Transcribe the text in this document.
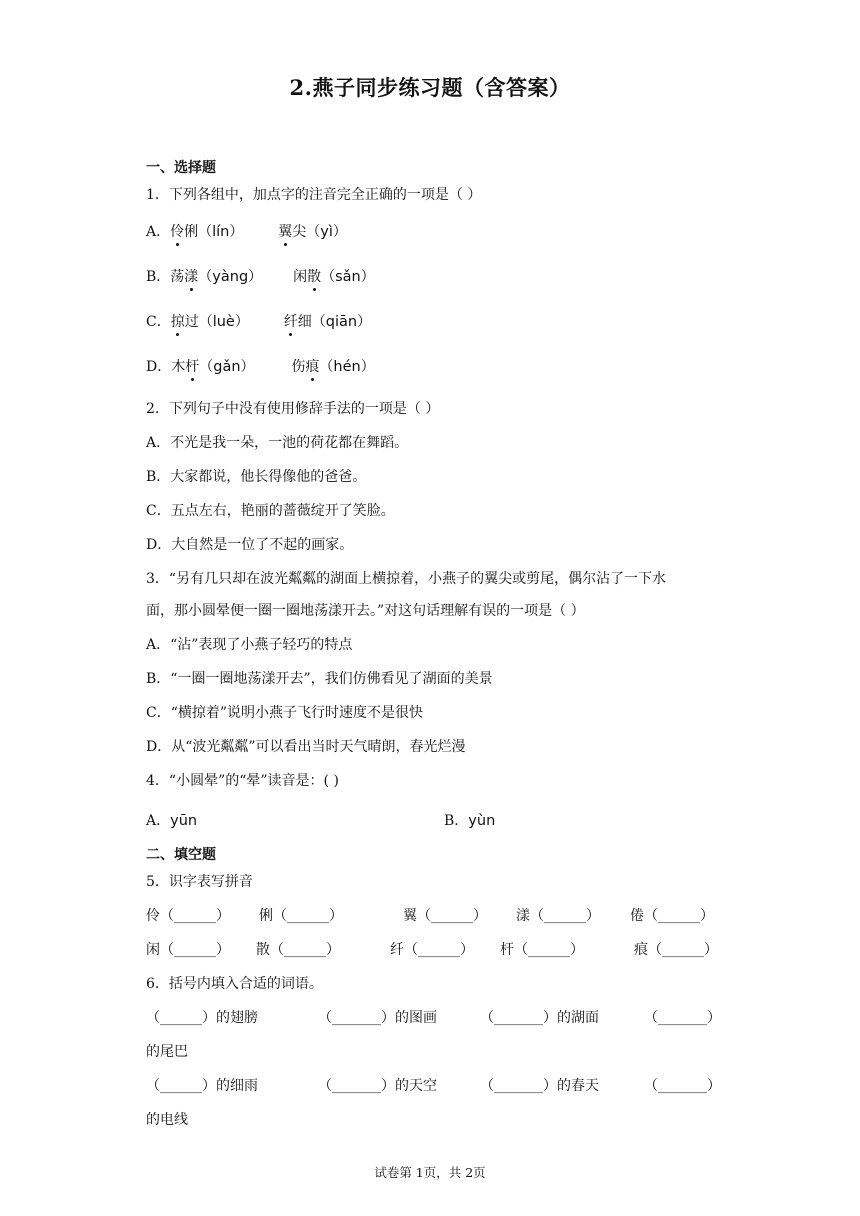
2.燕子同步练习题（含答案）
一、选择题
1．下列各组中，加点字的注音完全正确的一项是（ ）
A．伶俐（lín） 翼尖（yì）
B．荡漾（yàng） 闲散（sǎn）
C．掠过（luè） 纤细（qiān）
D．木杆（gǎn）	伤痕（hén）
2．下列句子中没有使用修辞手法的一项是（ ）
A．不光是我一朵，一池的荷花都在舞蹈。
B．大家都说，他长得像他的爸爸。
C．五点左右，艳丽的蔷薇绽开了笑脸。
D．大自然是一位了不起的画家。
3．“另有几只却在波光粼粼的湖面上横掠着，小燕子的翼尖或剪尾，偶尔沾了一下水
面，那小圆晕便一圈一圈地荡漾开去。”对这句话理解有误的一项是（ ）
A．“沾”表现了小燕子轻巧的特点
B．“一圈一圈地荡漾开去”，我们仿佛看见了湖面的美景
C．“横掠着”说明小燕子飞行时速度不是很快
D．从“波光粼粼”可以看出当时天气晴朗，春光烂漫
4．“小圆晕”的“晕”读音是：( )
A．yūn	B．yùn
二、填空题
5．识字表写拼音
伶（______） 俐（______）	翼（______） 漾（______） 倦（______）
闲（______） 散（______）	纤（______） 杆（______）	痕（______）
6．括号内填入合适的词语。
（______）的翅膀	（_______）的图画	（_______）的湖面	（_______）
的尾巴
（______）的细雨	（_______）的天空	（_______）的春天	（_______）
的电线
试卷第 1页，共 2页
